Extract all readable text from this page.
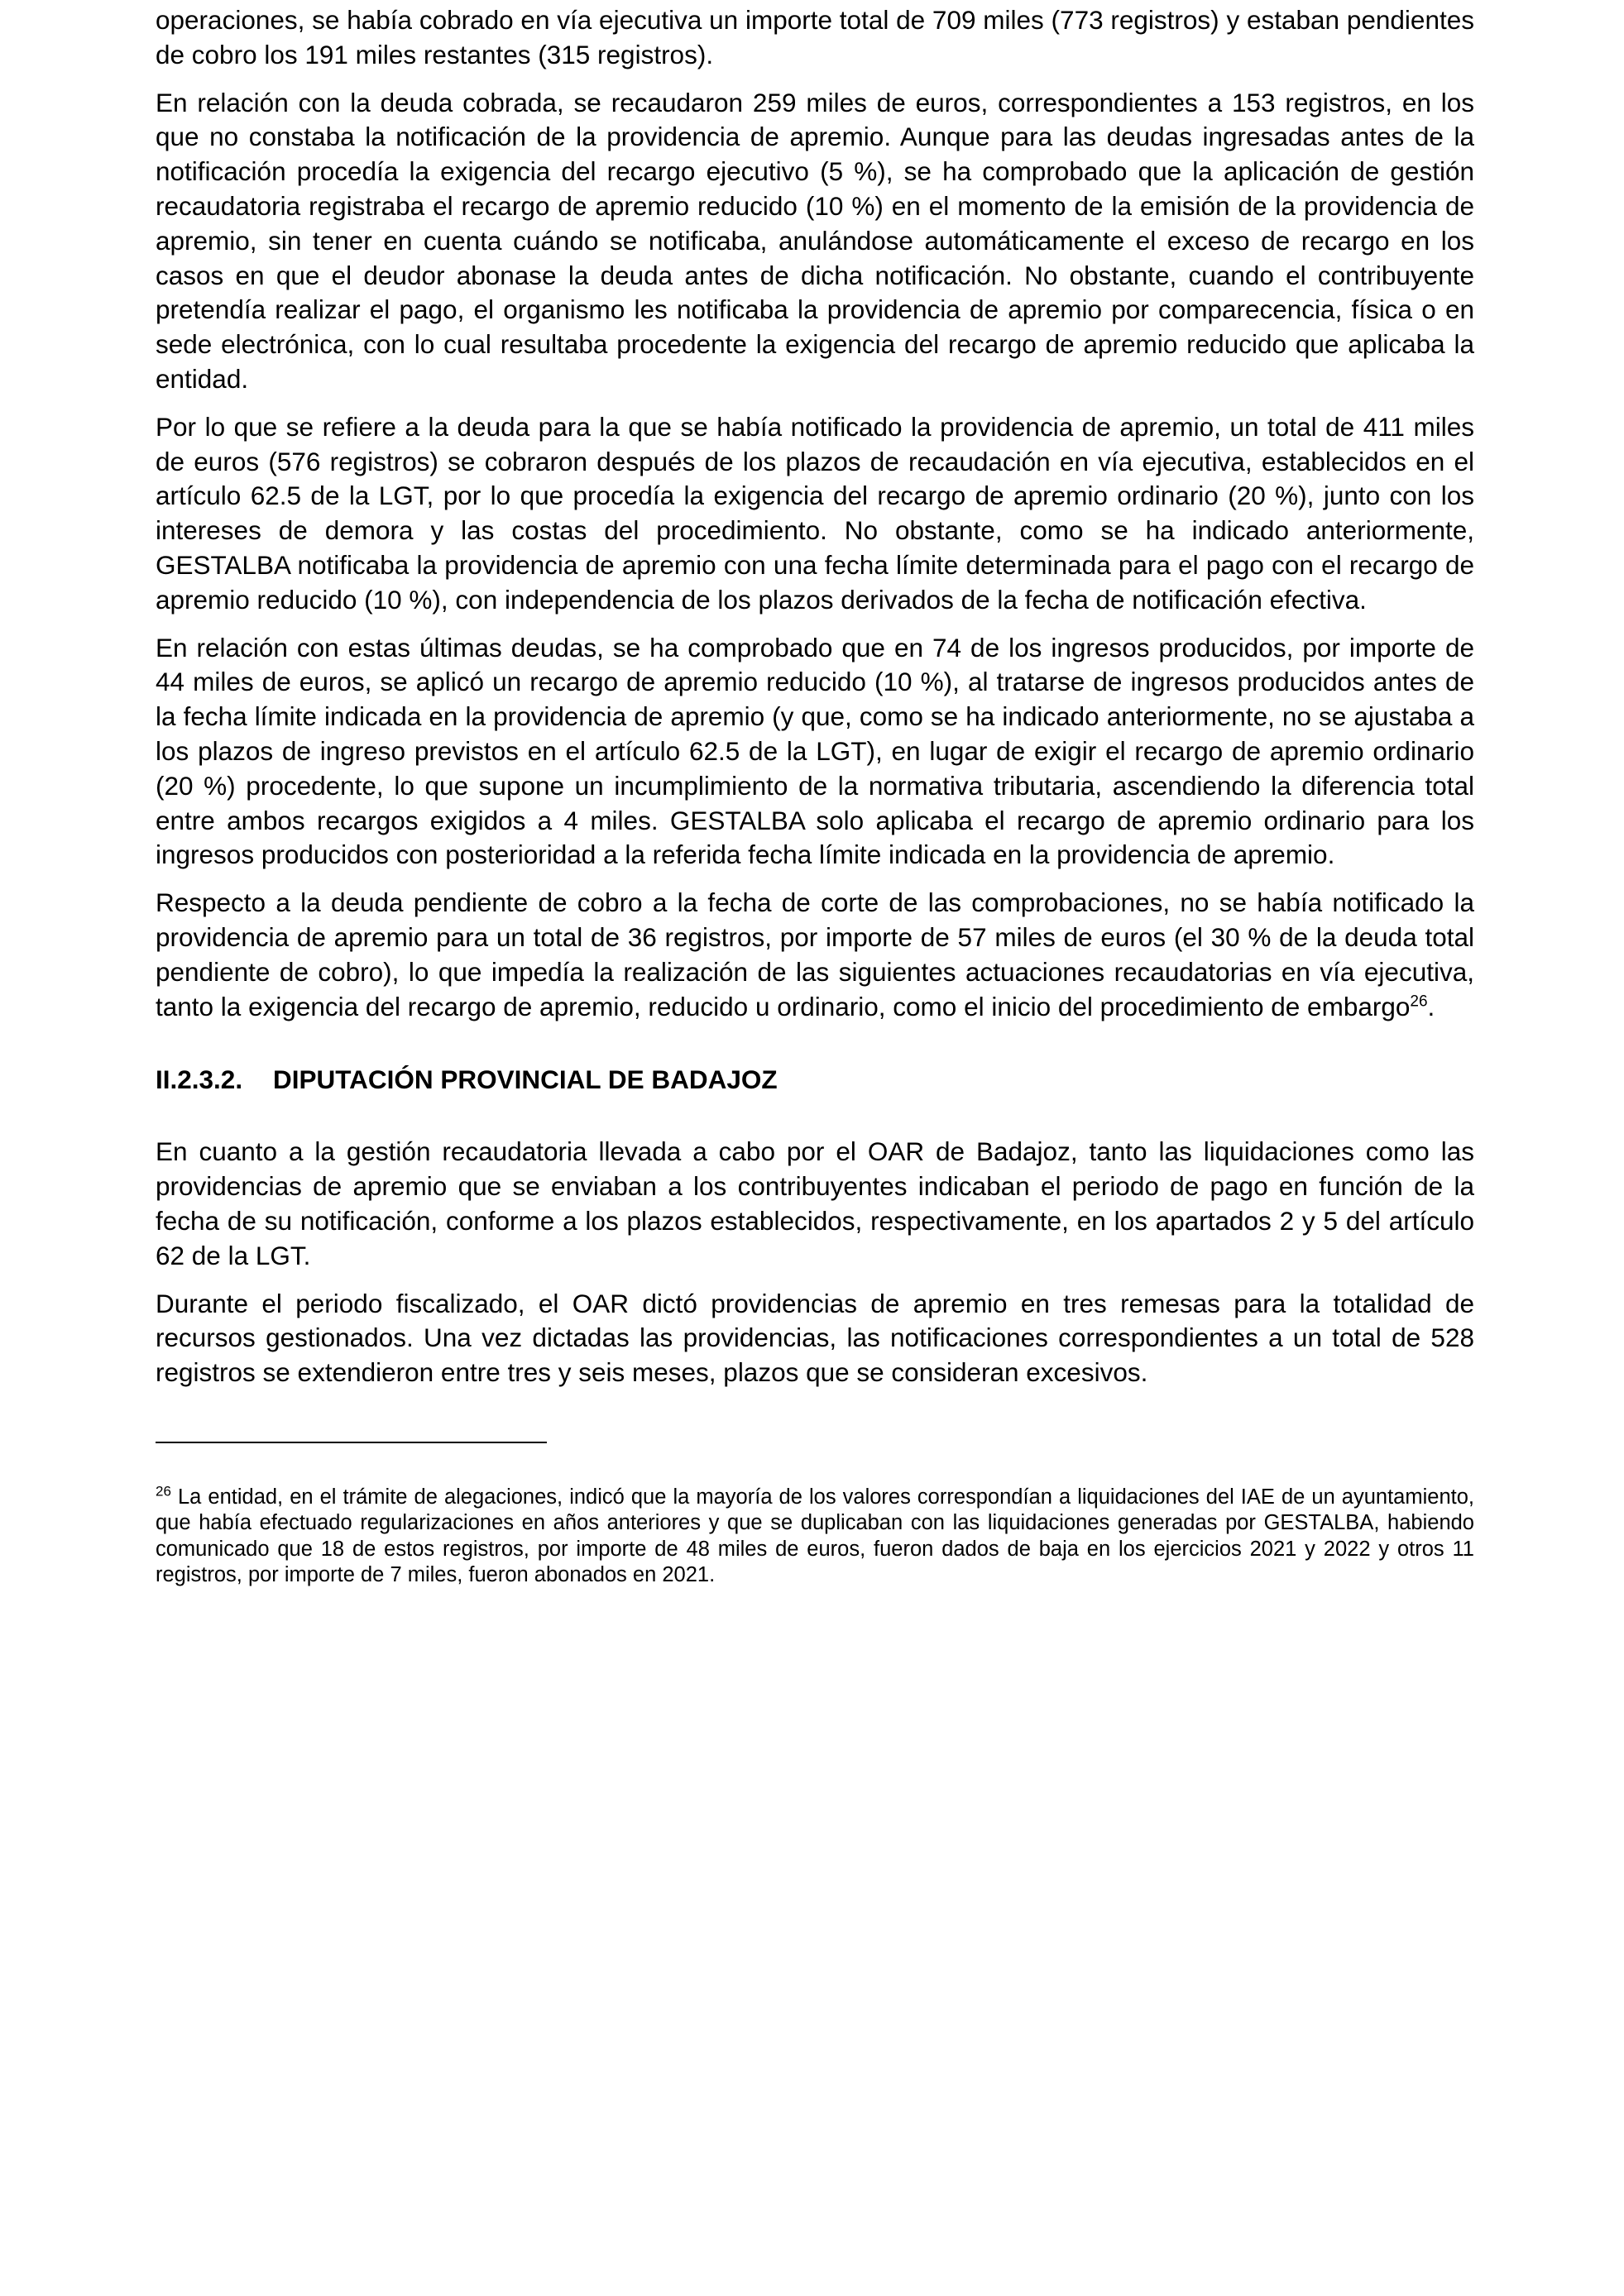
operaciones, se había cobrado en vía ejecutiva un importe total de 709 miles (773 registros) y estaban pendientes de cobro los 191 miles restantes (315 registros).

En relación con la deuda cobrada, se recaudaron 259 miles de euros, correspondientes a 153 registros, en los que no constaba la notificación de la providencia de apremio. Aunque para las deudas ingresadas antes de la notificación procedía la exigencia del recargo ejecutivo (5 %), se ha comprobado que la aplicación de gestión recaudatoria registraba el recargo de apremio reducido (10 %) en el momento de la emisión de la providencia de apremio, sin tener en cuenta cuándo se notificaba, anulándose automáticamente el exceso de recargo en los casos en que el deudor abonase la deuda antes de dicha notificación. No obstante, cuando el contribuyente pretendía realizar el pago, el organismo les notificaba la providencia de apremio por comparecencia, física o en sede electrónica, con lo cual resultaba procedente la exigencia del recargo de apremio reducido que aplicaba la entidad.

Por lo que se refiere a la deuda para la que se había notificado la providencia de apremio, un total de 411 miles de euros (576 registros) se cobraron después de los plazos de recaudación en vía ejecutiva, establecidos en el artículo 62.5 de la LGT, por lo que procedía la exigencia del recargo de apremio ordinario (20 %), junto con los intereses de demora y las costas del procedimiento. No obstante, como se ha indicado anteriormente, GESTALBA notificaba la providencia de apremio con una fecha límite determinada para el pago con el recargo de apremio reducido (10 %), con independencia de los plazos derivados de la fecha de notificación efectiva.

En relación con estas últimas deudas, se ha comprobado que en 74 de los ingresos producidos, por importe de 44 miles de euros, se aplicó un recargo de apremio reducido (10 %), al tratarse de ingresos producidos antes de la fecha límite indicada en la providencia de apremio (y que, como se ha indicado anteriormente, no se ajustaba a los plazos de ingreso previstos en el artículo 62.5 de la LGT), en lugar de exigir el recargo de apremio ordinario (20 %) procedente, lo que supone un incumplimiento de la normativa tributaria, ascendiendo la diferencia total entre ambos recargos exigidos a 4 miles. GESTALBA solo aplicaba el recargo de apremio ordinario para los ingresos producidos con posterioridad a la referida fecha límite indicada en la providencia de apremio.

Respecto a la deuda pendiente de cobro a la fecha de corte de las comprobaciones, no se había notificado la providencia de apremio para un total de 36 registros, por importe de 57 miles de euros (el 30 % de la deuda total pendiente de cobro), lo que impedía la realización de las siguientes actuaciones recaudatorias en vía ejecutiva, tanto la exigencia del recargo de apremio, reducido u ordinario, como el inicio del procedimiento de embargo$^{26}$.

II.2.3.2. DIPUTACIÓN PROVINCIAL DE BADAJOZ

En cuanto a la gestión recaudatoria llevada a cabo por el OAR de Badajoz, tanto las liquidaciones como las providencias de apremio que se enviaban a los contribuyentes indicaban el periodo de pago en función de la fecha de su notificación, conforme a los plazos establecidos, respectivamente, en los apartados 2 y 5 del artículo 62 de la LGT.

Durante el periodo fiscalizado, el OAR dictó providencias de apremio en tres remesas para la totalidad de recursos gestionados. Una vez dictadas las providencias, las notificaciones correspondientes a un total de 528 registros se extendieron entre tres y seis meses, plazos que se consideran excesivos.

$^{26}$ La entidad, en el trámite de alegaciones, indicó que la mayoría de los valores correspondían a liquidaciones del IAE de un ayuntamiento, que había efectuado regularizaciones en años anteriores y que se duplicaban con las liquidaciones generadas por GESTALBA, habiendo comunicado que 18 de estos registros, por importe de 48 miles de euros, fueron dados de baja en los ejercicios 2021 y 2022 y otros 11 registros, por importe de 7 miles, fueron abonados en 2021.
